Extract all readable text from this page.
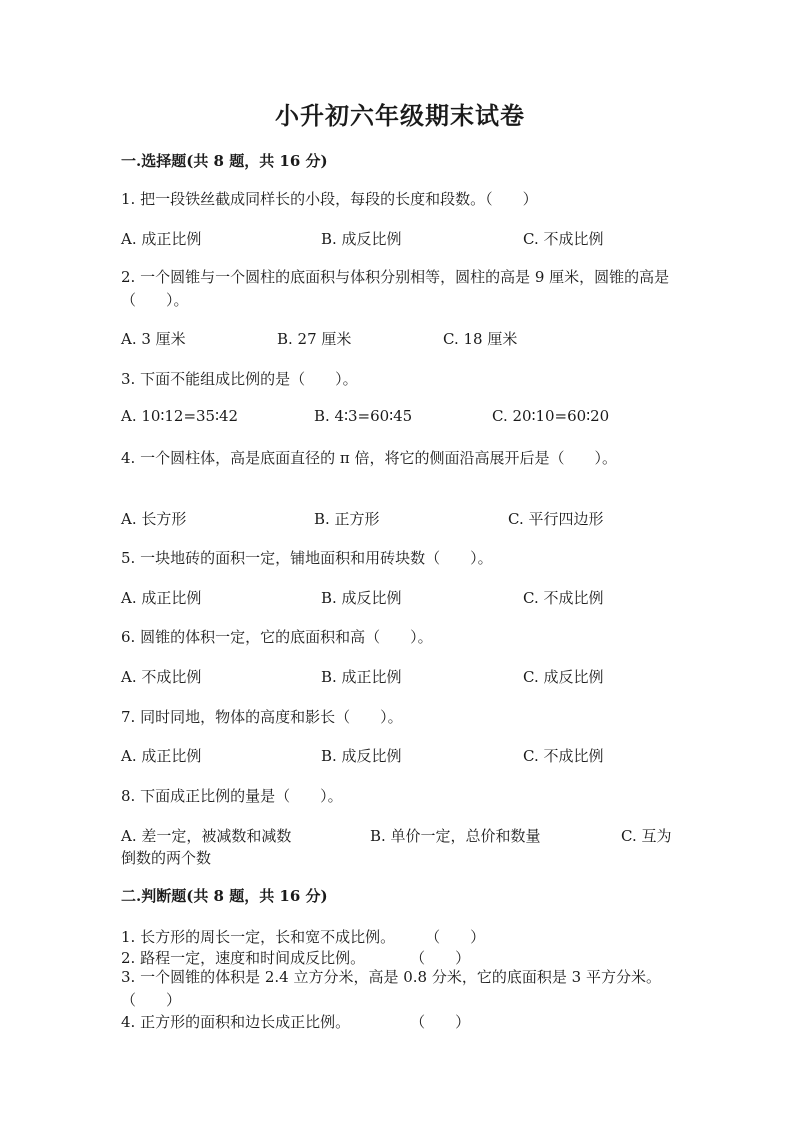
小升初六年级期末试卷
一.选择题(共 8 题，共 16 分)
1. 把一段铁丝截成同样长的小段，每段的长度和段数。（　　）
A. 成正比例	B. 成反比例	C. 不成比例
2. 一个圆锥与一个圆柱的底面积与体积分别相等，圆柱的高是 9 厘米，圆锥的高是（　　）。
A. 3 厘米	B. 27 厘米	C. 18 厘米
3. 下面不能组成比例的是（　　）。
A. 10∶12=35∶42	B. 4∶3=60∶45	C. 20∶10=60∶20
4. 一个圆柱体，高是底面直径的 π 倍，将它的侧面沿高展开后是（　　）。
A. 长方形	B. 正方形	C. 平行四边形
5. 一块地砖的面积一定，铺地面积和用砖块数（　　）。
A. 成正比例	B. 成反比例	C. 不成比例
6. 圆锥的体积一定，它的底面积和高（　　）。
A. 不成比例	B. 成正比例	C. 成反比例
7. 同时同地，物体的高度和影长（　　）。
A. 成正比例	B. 成反比例	C. 不成比例
8. 下面成正比例的量是（　　）。
A. 差一定，被减数和减数	B. 单价一定，总价和数量	C. 互为
倒数的两个数
二.判断题(共 8 题，共 16 分)
1. 长方形的周长一定，长和宽不成比例。　　　（　　）
2. 路程一定，速度和时间成反比例。　　　　（　　）
3. 一个圆锥的体积是 2.4 立方分米，高是 0.8 分米，它的底面积是 3 平方分米。　　　（　　）
4. 正方形的面积和边长成正比例。　　　　　（　　）
